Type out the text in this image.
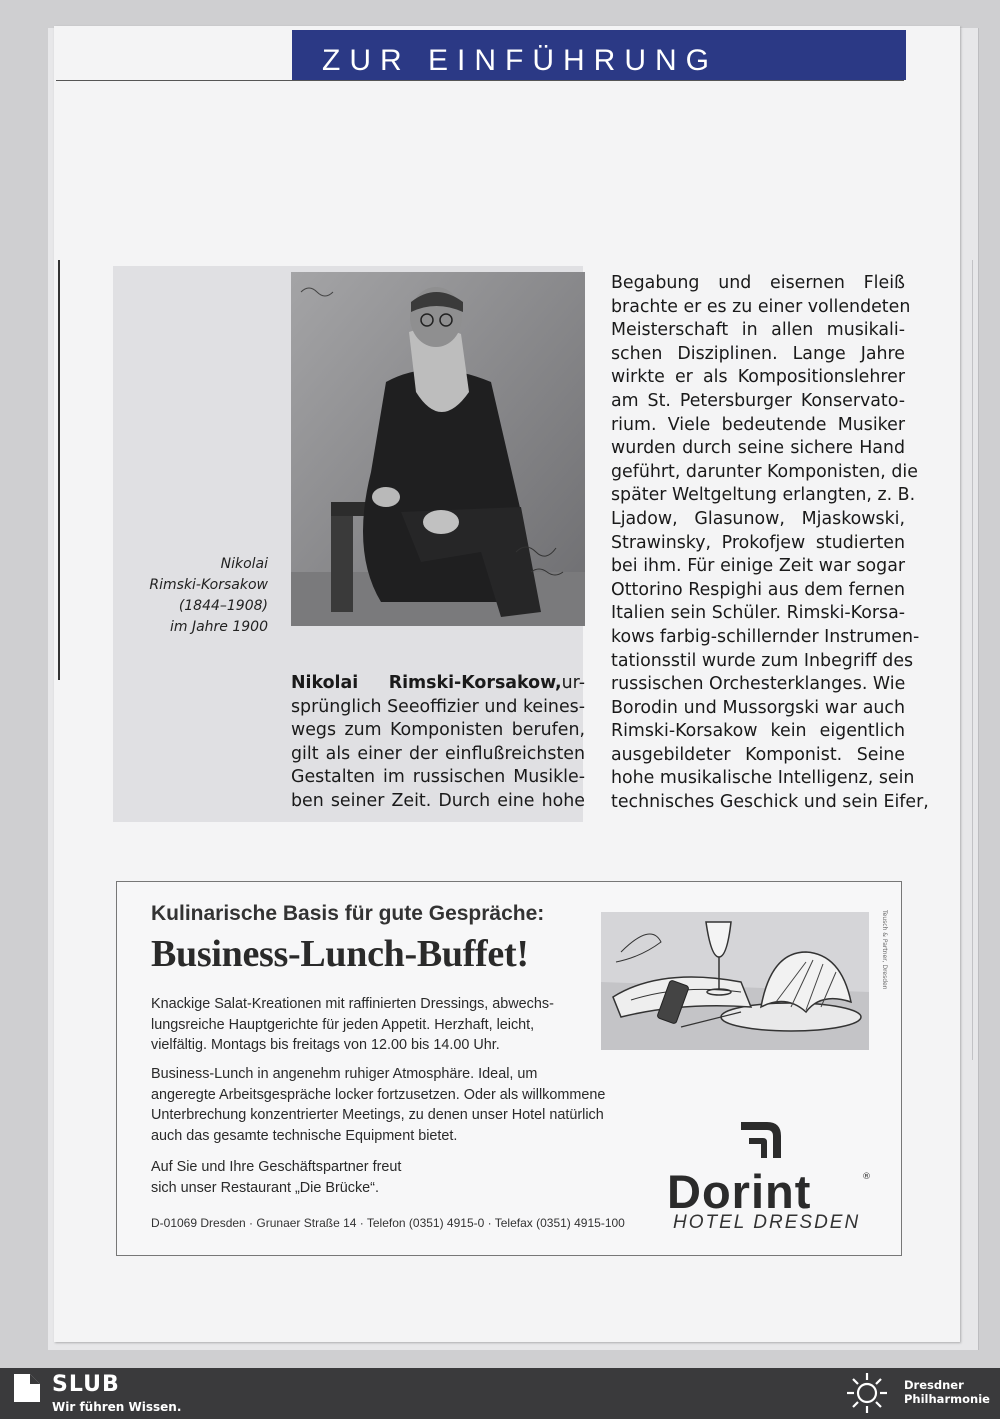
ZUR EINFÜHRUNG
Nikolai
Rimski-Korsakow
(1844–1908)
im Jahre 1900
Nikolai Rimski-Korsakow, ur-
sprünglich Seeoffizier und keines-
wegs zum Komponisten berufen,
gilt als einer der einflußreichsten
Gestalten im russischen Musikle-
ben seiner Zeit. Durch eine hohe
Begabung und eisernen Fleiß
brachte er es zu einer vollendeten
Meisterschaft in allen musikali-
schen Disziplinen. Lange Jahre
wirkte er als Kompositionslehrer
am St. Petersburger Konservato-
rium. Viele bedeutende Musiker
wurden durch seine sichere Hand
geführt, darunter Komponisten, die
später Weltgeltung erlangten, z. B.
Ljadow, Glasunow, Mjaskowski,
Strawinsky, Prokofjew studierten
bei ihm. Für einige Zeit war sogar
Ottorino Respighi aus dem fernen
Italien sein Schüler. Rimski-Korsa-
kows farbig-schillernder Instrumen-
tationsstil wurde zum Inbegriff des
russischen Orchesterklanges. Wie
Borodin und Mussorgski war auch
Rimski-Korsakow kein eigentlich
ausgebildeter Komponist. Seine
hohe musikalische Intelligenz, sein
technisches Geschick und sein Eifer,
Kulinarische Basis für gute Gespräche:
Business-Lunch-Buffet!
Knackige Salat-Kreationen mit raffinierten Dressings, abwechs-
lungsreiche Hauptgerichte für jeden Appetit. Herzhaft, leicht,
vielfältig. Montags bis freitags von 12.00 bis 14.00 Uhr.
Business-Lunch in angenehm ruhiger Atmosphäre. Ideal, um
angeregte Arbeitsgespräche locker fortzusetzen. Oder als willkommene
Unterbrechung konzentrierter Meetings, zu denen unser Hotel natürlich
auch das gesamte technische Equipment bietet.
Auf Sie und Ihre Geschäftspartner freut
sich unser Restaurant „Die Brücke“.
D-01069 Dresden · Grunaer Straße 14 · Telefon (0351) 4915-0 · Telefax (0351) 4915-100
Teusch & Partner, Dresden
Dorint	®
HOTEL DRESDEN
SLUB
Wir führen Wissen.
Dresdner
Philharmonie
